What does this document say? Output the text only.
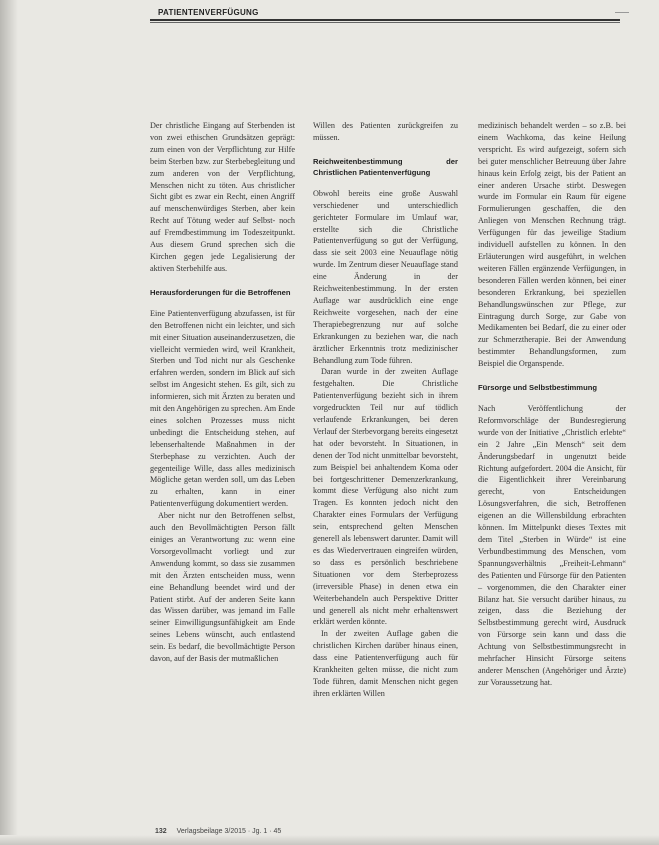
PATIENTENVERFÜGUNG

Der christliche Eingang auf Sterbenden ist von zwei ethischen Grundsätzen geprägt: zum einen von der Verpflichtung zur Hilfe beim Sterben bzw. zur Sterbebegleitung und zum anderen von der Verpflichtung, Menschen nicht zu töten. Aus christlicher Sicht gibt es zwar ein Recht, einen Angriff auf menschenwürdiges Sterben, aber kein Recht auf Tötung weder auf Selbst- noch auf Fremdbestimmung im Todeszeitpunkt. Aus diesem Grund sprechen sich die Kirchen gegen jede Legalisierung der aktiven Sterbehilfe aus.

Herausforderungen für die Betroffenen

Eine Patientenverfügung abzufassen, ist für den Betroffenen nicht ein leichter, und sich mit einer Situation auseinanderzusetzen, die vielleicht vermieden wird, weil Krankheit, Sterben und Tod nicht nur als Geschenke erfahren werden, sondern im Blick auf sich selbst im Angesicht stehen. Es gilt, sich zu informieren, sich mit Ärzten zu beraten und mit den Angehörigen zu sprechen. Am Ende eines solchen Prozesses muss nicht unbedingt die Entscheidung stehen, auf lebenserhaltende Maßnahmen in der Sterbephase zu verzichten. Auch der gegenteilige Wille, dass alles medizinisch Mögliche getan werden soll, um das Leben zu erhalten, kann in einer Patientenverfügung dokumentiert werden.

Aber nicht nur den Betroffenen selbst, auch den Bevollmächtigten Person fällt einiges an Verantwortung zu: wenn eine Vorsorgevollmacht vorliegt und zur Anwendung kommt, so dass sie zusammen mit den Ärzten entscheiden muss, wenn eine Behandlung beendet wird und der Patient stirbt. Auf der anderen Seite kann das Wissen darüber, was jemand im Falle seiner Einwilligungsunfähigkeit am Ende seines Lebens wünscht, auch entlastend sein. Es bedarf, die bevollmächtigte Person davon, auf der Basis der mutmaßlichen

Willen des Patienten zurückgreifen zu müssen.

Reichweitenbestimmung der Christlichen Patientenverfügung

Obwohl bereits eine große Auswahl verschiedener und unterschiedlich gerichteter Formulare im Umlauf war, erstellte sich die Christliche Patientenverfügung so gut der Verfügung, dass sie seit 2003 eine Neuauflage nötig wurde. Im Zentrum dieser Neuauflage stand eine Änderung in der Reichweitenbestimmung. In der ersten Auflage war ausdrücklich eine enge Reichweite vorgesehen, nach der eine Therapiebegrenzung nur auf solche Erkrankungen zu beziehen war, die nach ärztlicher Erkenntnis trotz medizinischer Behandlung zum Tode führen.

Daran wurde in der zweiten Auflage festgehalten. Die Christliche Patientenverfügung bezieht sich in ihrem vorgedruckten Teil nur auf tödlich verlaufende Erkrankungen, bei deren Verlauf der Sterbevorgang bereits eingesetzt hat oder bevorsteht. In Situationen, in denen der Tod nicht unmittelbar bevorsteht, zum Beispiel bei anhaltendem Koma oder bei fortgeschrittener Demenzerkrankung, kommt diese Verfügung also nicht zum Tragen. Es konnten jedoch nicht den Charakter eines Formulars der Verfügung sein, entsprechend gelten Menschen generell als lebenswert darunter. Damit will es das Wiedervertrauen eingreifen würden, so dass es persönlich beschriebene Situationen vor dem Sterbeprozess (irreversible Phase) in denen etwa ein Weiterbehandeln auch Perspektive Dritter und generell als nicht mehr erhaltenswert erklärt werden könnte.

In der zweiten Auflage gaben die christlichen Kirchen darüber hinaus einen, dass eine Patientenverfügung auch für Krankheiten gelten müsse, die nicht zum Tode führen, damit Menschen nicht gegen ihren erklärten Willen

medizinisch behandelt werden – so z.B. bei einem Wachkoma, das keine Heilung verspricht. Es wird aufgezeigt, sofern sich bei guter menschlicher Betreuung über Jahre hinaus kein Erfolg zeigt, bis der Patient an einer anderen Ursache stirbt. Deswegen wurde im Formular ein Raum für eigene Formulierungen geschaffen, die den Anliegen von Menschen Rechnung trägt. Verfügungen für das jeweilige Stadium individuell aufstellen zu können. In den Erläuterungen wird ausgeführt, in welchen weiteren Fällen ergänzende Verfügungen, in besonderen Fällen werden können, bei einer besonderen Erkrankung, bei speziellen Behandlungswünschen zur Pflege, zur Eintragung durch Sorge, zur Gabe von Medikamenten bei Bedarf, die zu einer oder zur Schmerztherapie. Bei der Anwendung bestimmter Behandlungsformen, zum Beispiel die Organspende.

Fürsorge und Selbstbestimmung

Nach Veröffentlichung der Reformvorschläge der Bundesregierung wurde von der Initiative „Christlich erlebte“ ein 2 Jahre „Ein Mensch“ seit dem Änderungsbedarf in ungenutzt beide Richtung aufgefordert. 2004 die Ansicht, für die Eigentlichkeit ihrer Vereinbarung gerecht, von Entscheidungen Lösungsverfahren, die sich, Betroffenen eigenen an die Willensbildung erbrachten können. Im Mittelpunkt dieses Textes mit dem Titel „Sterben in Würde“ ist eine Verbundbestimmung des Menschen, vom Spannungsverhältnis „Freiheit-Lehmann“ des Patienten und Fürsorge für den Patienten – vorgenommen, die den Charakter einer Bilanz hat. Sie versucht darüber hinaus, zu zeigen, dass die Beziehung der Selbstbestimmung gerecht wird, Ausdruck von Fürsorge sein kann und dass die Achtung von Selbstbestimmungsrecht in mehrfacher Hinsicht Fürsorge seitens anderer Menschen (Angehöriger und Ärzte) zur Voraussetzung hat.

132 Verlagsbeilage 3/2015 · Jg. 1 · 45
